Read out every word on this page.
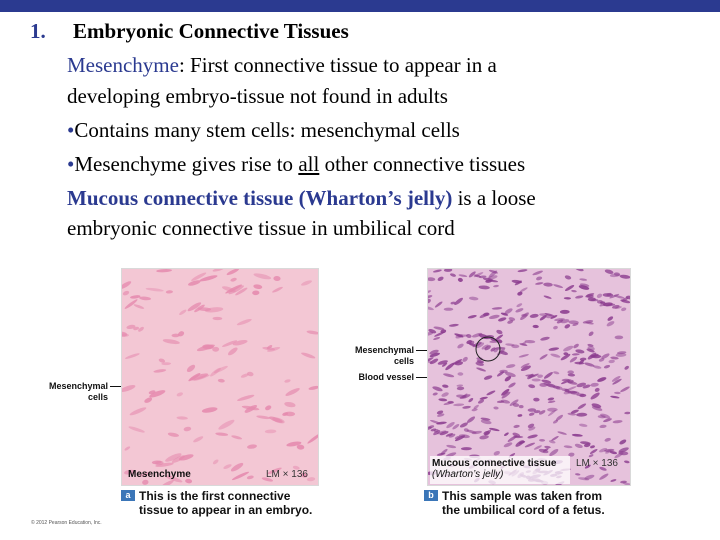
1. Embryonic Connective Tissues
Mesenchyme: First connective tissue to appear in a
developing embryo-tissue not found in adults
•Contains many stem cells: mesenchymal cells
•Mesenchyme gives rise to all other connective tissues
Mucous connective tissue (Wharton’s jelly) is a loose
embryonic connective tissue in umbilical cord
Mesenchymal cells
Mesenchyme	LM × 136
a This is the first connective
tissue to appear in an embryo.
Mesenchymal cells
Blood vessel
Mucous connective tissue
(Wharton’s jelly)
LM × 136
b This sample was taken from
the umbilical cord of a fetus.
© 2012 Pearson Education, Inc.
